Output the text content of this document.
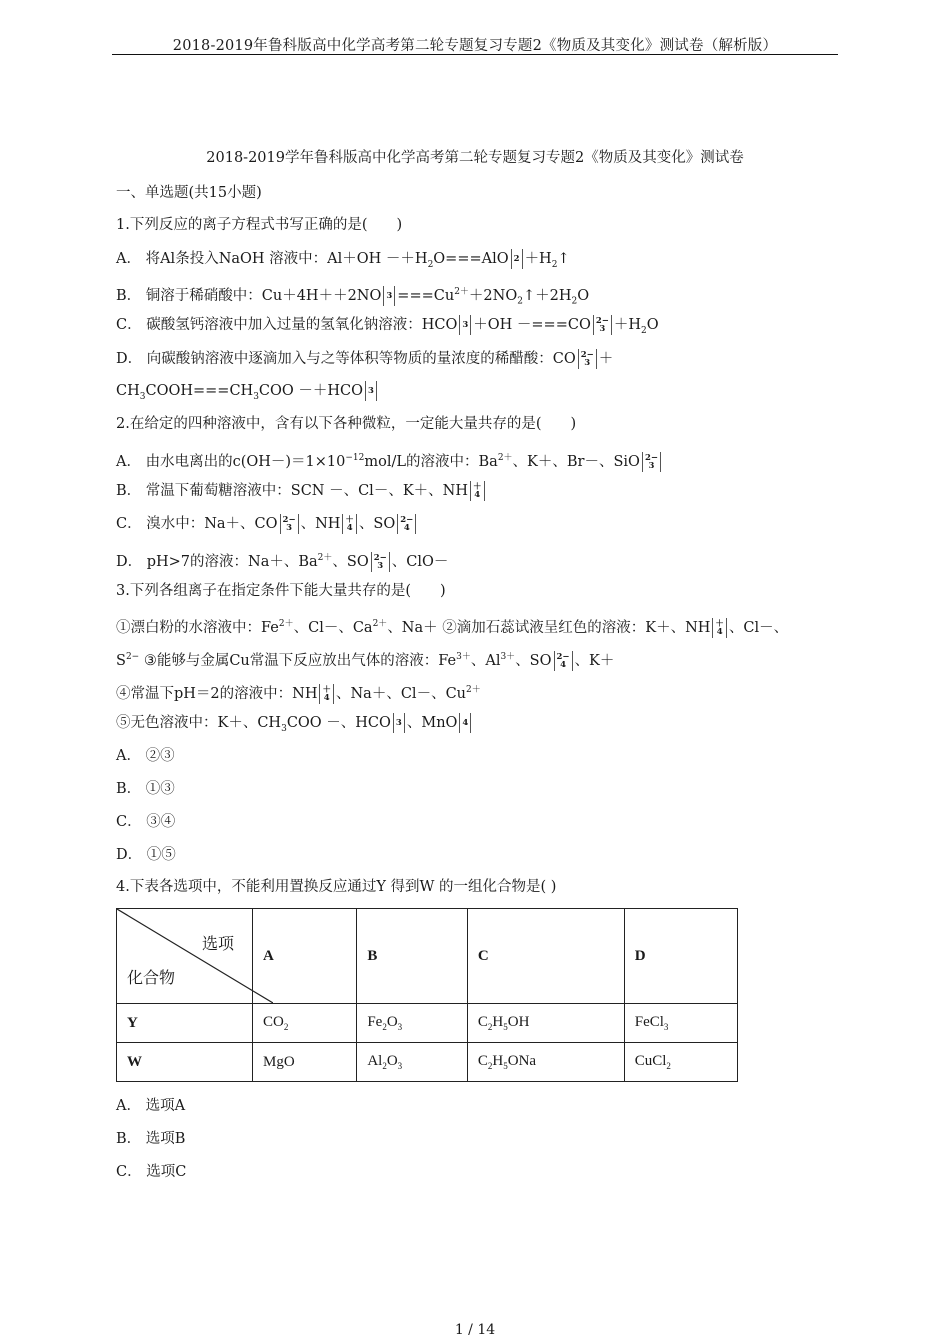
2018-2019年鲁科版高中化学高考第二轮专题复习专题2《物质及其变化》测试卷（解析版）
2018-2019学年鲁科版高中化学高考第二轮专题复习专题2《物质及其变化》测试卷
一、单选题(共15小题)
1.下列反应的离子方程式书写正确的是(　　)
A． 将Al条投入NaOH 溶液中：$Al+OH -+H_2O===AlO$ $2 +H_2↑$
B． 铜溶于稀硝酸中：Cu＋4H＋＋2NO $3 ===Cu^{2+}+2NO_2↑+2H_2O$
C． 碳酸氢钙溶液中加入过量的氢氧化钠溶液：HCO 3 ＋OH －===CO 2−
$3 +H_2O$
D． 向碳酸钠溶液中逐滴加入与之等体积等物质的量浓度的稀醋酸：CO 2−
3 ＋
$CH_3COOH===CH_3COO -+HCO$ 3
2.在给定的四种溶液中，含有以下各种微粒，一定能大量共存的是(　　)
A． 由水电离出的$c(OH-)=1\times 10^{-12}mol/L$的溶液中：$Ba^{2+}$、K＋、Br－、SiO 2−
3
B． 常温下葡萄糖溶液中：SCN －、Cl－、K＋、NH ＋
4
C． 溴水中：Na＋、CO 2−
3 、NH ＋
4 、SO 2−
4
D． pH>7的溶液：Na＋、$Ba^{2+}$、SO 2−
3 、ClO－
3.下列各组离子在指定条件下能大量共存的是(　　)
①漂白粉的水溶液中：$Fe^{2+}$、Cl－、$Ca^{2+}$、Na＋ ②滴加石蕊试液呈红色的溶液：K＋、NH ＋
4 、Cl－、
$S^{2-}$ ③能够与金属Cu常温下反应放出气体的溶液：$Fe^{3+}$、$Al^{3+}$、SO 2−
4 、K＋
④常温下pH＝2的溶液中：NH ＋
4 、Na＋、Cl－、$Cu^{2+}$
⑤无色溶液中：K＋、$CH_3COO$ －、HCO 3 、MnO 4
A． ②③
B． ①③
C． ③④
D． ①⑤
4.下表各选项中，不能利用置换反应通过Y 得到W 的一组化合物是( )
选项
化合物	A	B	C	D
Y	$CO_2$	$Fe_2O_3$	$C_2H_5OH$	FeCl$_3$
W	MgO	$Al_2O_3$	$C_2H_5ONa$	CuCl$_2$
A． 选项A
B． 选项B
C． 选项C
1 / 14
